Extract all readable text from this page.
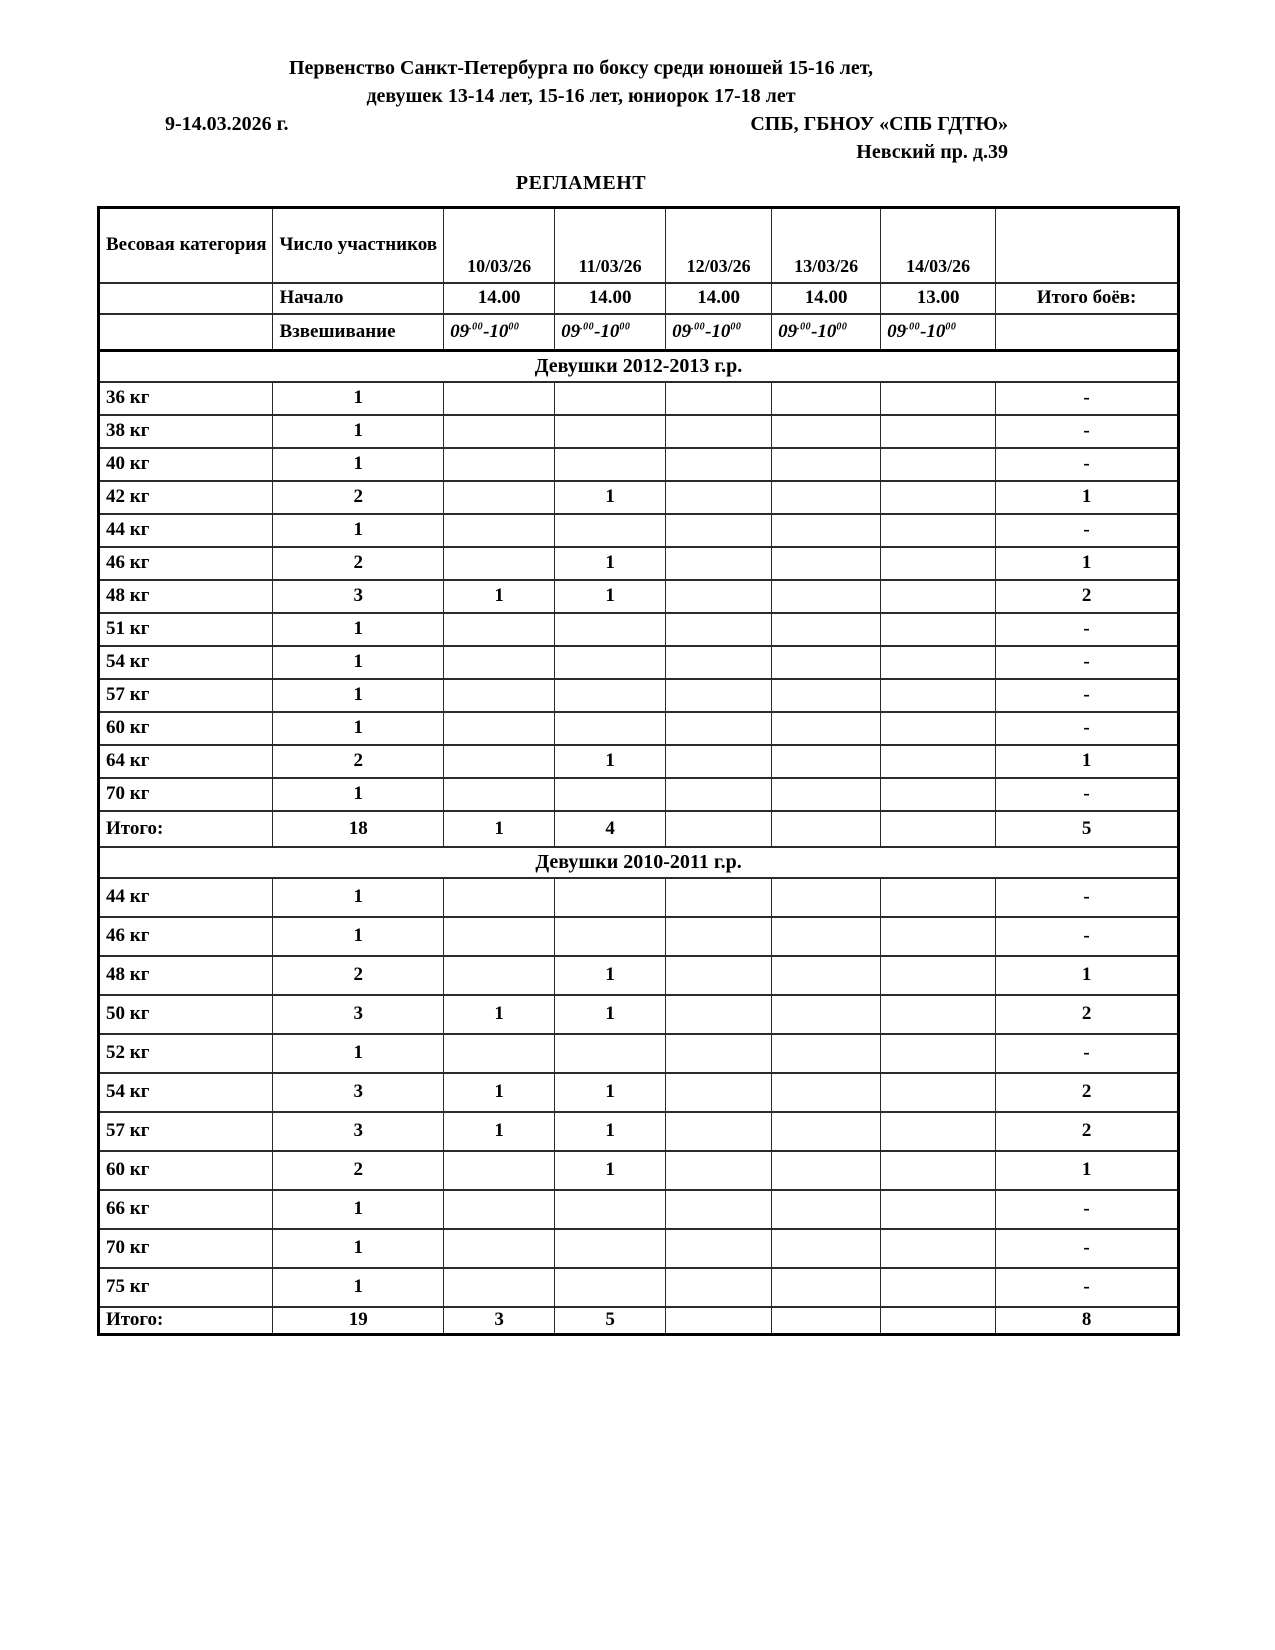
Первенство Санкт-Петербурга по боксу среди юношей 15-16 лет,
девушек 13-14 лет, 15-16 лет, юниорок 17-18 лет
9-14.03.2026 г.	СПБ, ГБНОУ «СПБ ГДТЮ»
Невский пр. д.39
РЕГЛАМЕНТ
Весовая категория	Число участников	10/03/26	11/03/26	12/03/26	13/03/26	14/03/26	
	Начало	14.00	14.00	14.00	14.00	13.00	Итого боёв:
	Взвешивание	$09^{.00}-10^{00}$	$09^{.00}-10^{00}$	$09^{.00}-10^{00}$	$09^{.00}-10^{00}$	$09^{.00}-10^{00}$	
Девушки 2012-2013 г.р.							
36 кг	1						-
38 кг	1						-
40 кг	1						-
42 кг	2		1				1
44 кг	1						-
46 кг	2		1				1
48 кг	3	1	1				2
51 кг	1						-
54 кг	1						-
57 кг	1						-
60 кг	1						-
64 кг	2		1				1
70 кг	1						-
Итого:	18	1	4				5
Девушки 2010-2011 г.р.							
44 кг	1						-
46 кг	1						-
48 кг	2		1				1
50 кг	3	1	1				2
52 кг	1						-
54 кг	3	1	1				2
57 кг	3	1	1				2
60 кг	2		1				1
66 кг	1						-
70 кг	1						-
75 кг	1						-
Итого:	19	3	5				8
